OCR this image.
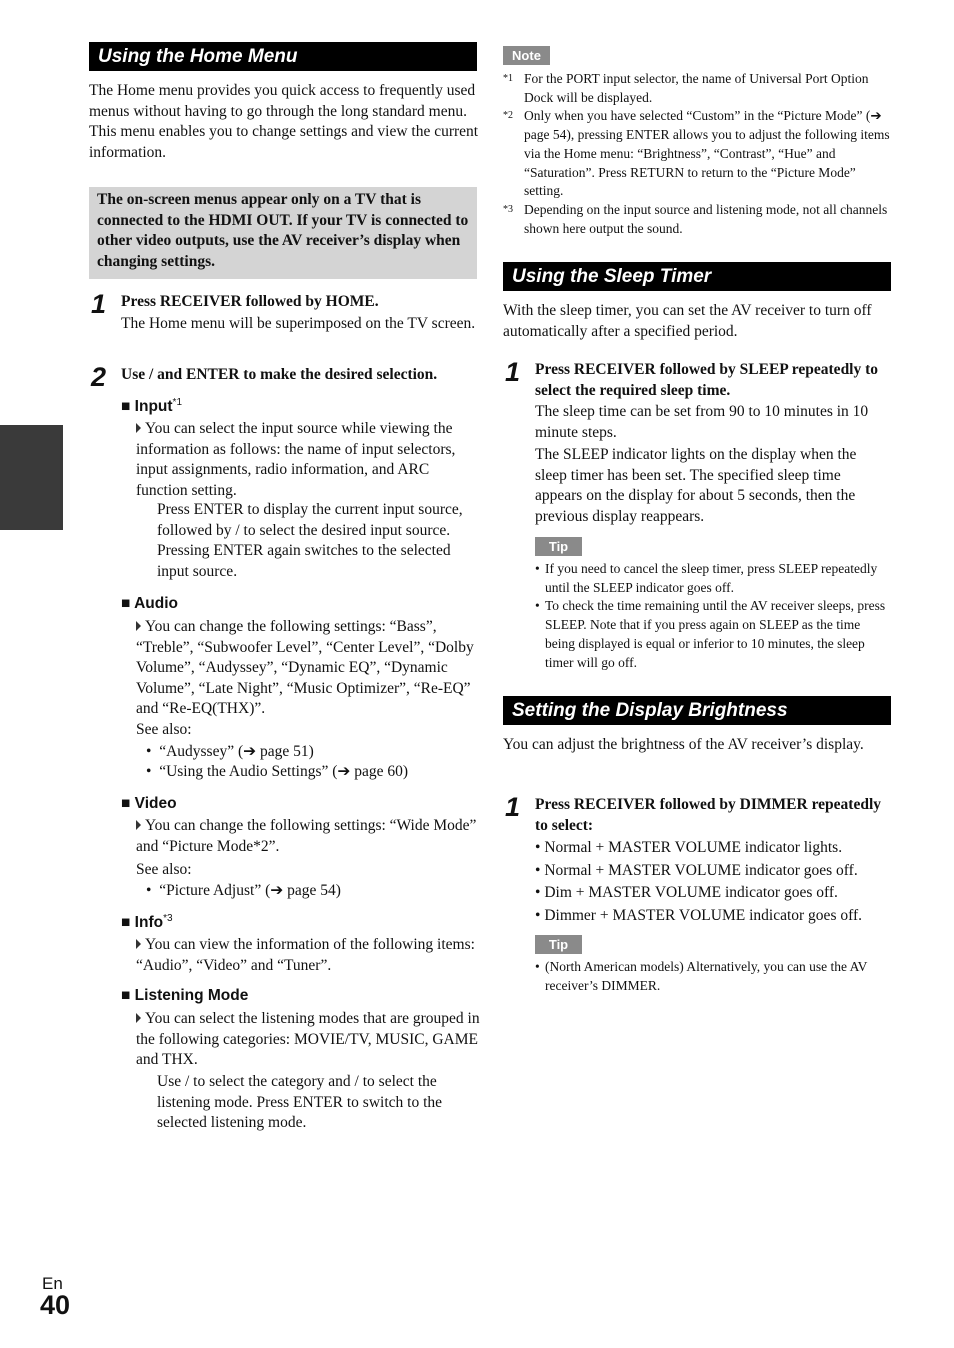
Using the Home Menu
The Home menu provides you quick access to frequently used menus without having to go through the long standard menu. This menu enables you to change settings and view the current information.
The on-screen menus appear only on a TV that is connected to the HDMI OUT. If your TV is connected to other video outputs, use the AV receiver’s display when changing settings.
1 Press RECEIVER followed by HOME.
The Home menu will be superimposed on the TV screen.
2 Use / and ENTER to make the desired selection.
■ Input$^{*1}$
You can select the input source while viewing the information as follows: the name of input selectors, input assignments, radio information, and ARC function setting.
Press ENTER to display the current input source, followed by / to select the desired input source. Pressing ENTER again switches to the selected input source.
■ Audio
You can change the following settings: “Bass”, “Treble”, “Subwoofer Level”, “Center Level”, “Dolby Volume”, “Audyssey”, “Dynamic EQ”, “Dynamic Volume”, “Late Night”, “Music Optimizer”, “Re-EQ” and “Re-EQ(THX)”.
See also:
•  “Audyssey” (➔ page 51)
•  “Using the Audio Settings” (➔ page 60)
■ Video
You can change the following settings: “Wide Mode” and “Picture Mode*2”.
See also:
•  “Picture Adjust” (➔ page 54)
■ Info$^{*3}$
You can view the information of the following items: “Audio”, “Video” and “Tuner”.
■ Listening Mode
You can select the listening modes that are grouped in the following categories: MOVIE/TV, MUSIC, GAME and THX.
Use / to select the category and / to select the listening mode. Press ENTER to switch to the selected listening mode.
Note
*1 For the PORT input selector, the name of Universal Port Option Dock will be displayed.
*2 Only when you have selected “Custom” in the “Picture Mode” (➔ page 54), pressing ENTER allows you to adjust the following items via the Home menu: “Brightness”, “Contrast”, “Hue” and “Saturation”. Press RETURN to return to the “Picture Mode” setting.
*3 Depending on the input source and listening mode, not all channels shown here output the sound.
Using the Sleep Timer
With the sleep timer, you can set the AV receiver to turn off automatically after a specified period.
1 Press RECEIVER followed by SLEEP repeatedly to select the required sleep time.
The sleep time can be set from 90 to 10 minutes in 10 minute steps.
The SLEEP indicator lights on the display when the sleep timer has been set. The specified sleep time appears on the display for about 5 seconds, then the previous display reappears.
Tip
• If you need to cancel the sleep timer, press SLEEP repeatedly until the SLEEP indicator goes off.
• To check the time remaining until the AV receiver sleeps, press SLEEP. Note that if you press again on SLEEP as the time being displayed is equal or inferior to 10 minutes, the sleep timer will go off.
Setting the Display Brightness
You can adjust the brightness of the AV receiver’s display.
1 Press RECEIVER followed by DIMMER repeatedly to select:
• Normal + MASTER VOLUME indicator lights.
• Normal + MASTER VOLUME indicator goes off.
• Dim + MASTER VOLUME indicator goes off.
• Dimmer + MASTER VOLUME indicator goes off.
Tip
• (North American models) Alternatively, you can use the AV receiver’s DIMMER.
En
40
